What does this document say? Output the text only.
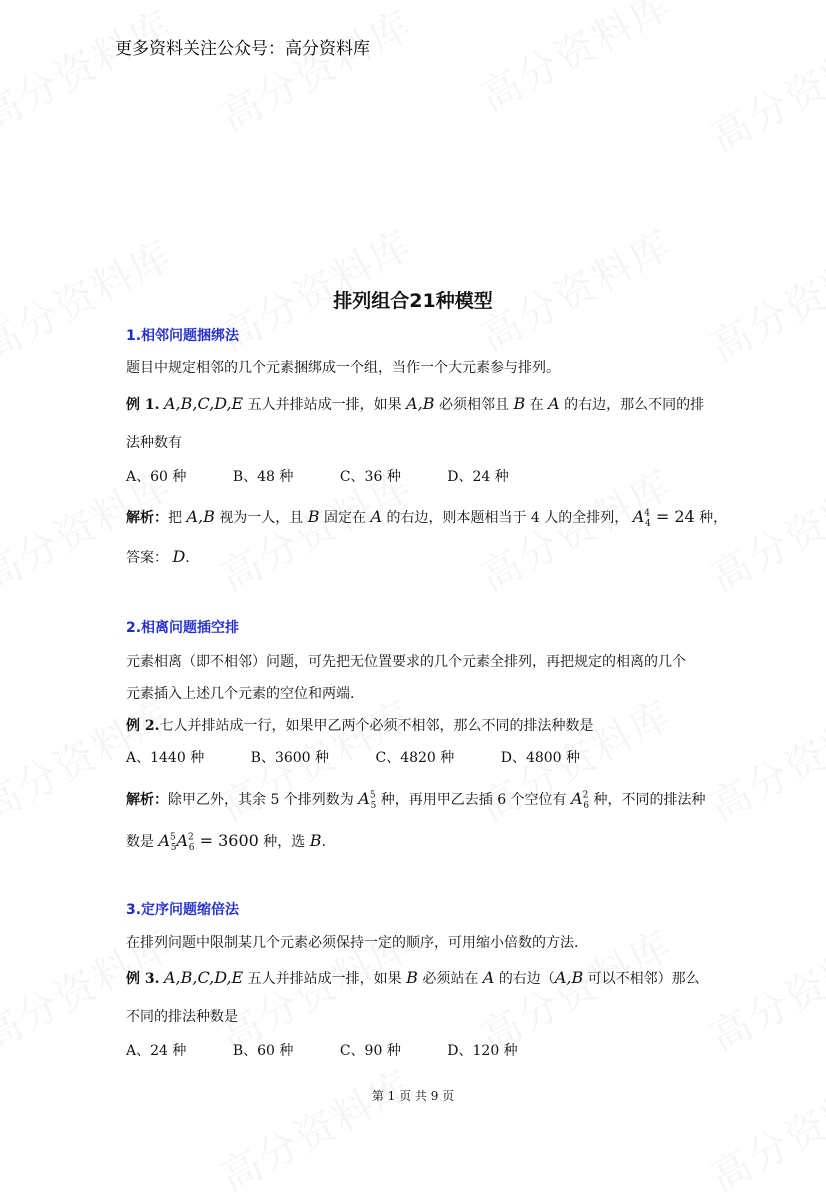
更多资料关注公众号：高分资料库
排列组合21种模型
1.相邻问题捆绑法
题目中规定相邻的几个元素捆绑成一个组，当作一个大元素参与排列。
例 1. A,B,C,D,E 五人并排站成一排，如果 A,B 必须相邻且 B 在 A 的右边，那么不同的排
法种数有
A、60 种	B、48 种	C、36 种	D、24 种
解析：把 A,B 视为一人，且 B 固定在 A 的右边，则本题相当于 4 人的全排列， $A^4_4 = 24$ 种，
答案： D.
2.相离问题插空排
元素相离（即不相邻）问题，可先把无位置要求的几个元素全排列，再把规定的相离的几个
元素插入上述几个元素的空位和两端.
例 2.七人并排站成一行，如果甲乙两个必须不相邻，那么不同的排法种数是
A、1440 种	B、3600 种	C、4820 种	D、4800 种
解析：除甲乙外，其余 5 个排列数为 $A^5_5$ 种，再用甲乙去插 6 个空位有 $A^2_6$ 种，不同的排法种
数是 $A^5_5A^2_6 = 3600$ 种，选 B.
3.定序问题缩倍法
在排列问题中限制某几个元素必须保持一定的顺序，可用缩小倍数的方法.
例 3. A,B,C,D,E 五人并排站成一排，如果 B 必须站在 A 的右边（A,B 可以不相邻）那么
不同的排法种数是
A、24 种	B、60 种	C、90 种	D、120 种
第 1 页 共 9 页
